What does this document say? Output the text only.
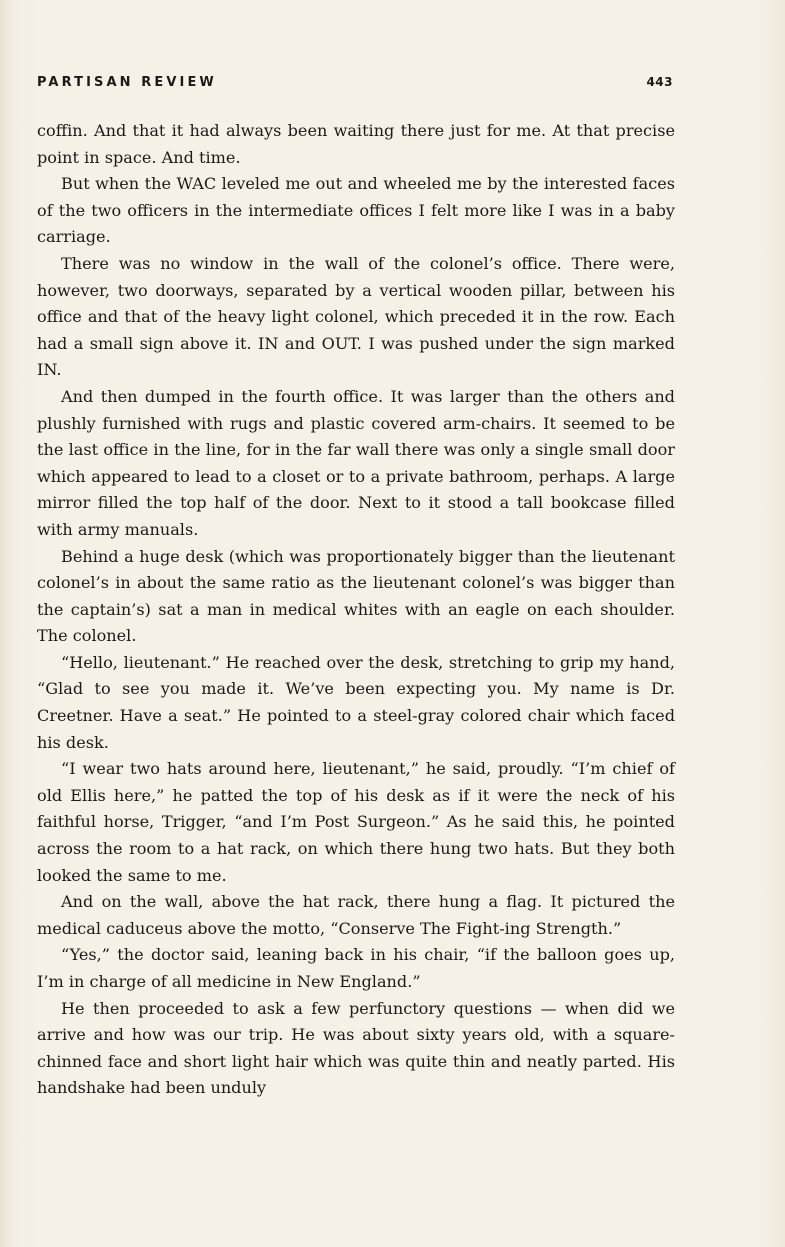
PARTISAN REVIEW	443

coffin. And that it had always been waiting there just for me. At that precise point in space. And time.

But when the WAC leveled me out and wheeled me by the interested faces of the two officers in the intermediate offices I felt more like I was in a baby carriage.

There was no window in the wall of the colonel’s office. There were, however, two doorways, separated by a vertical wooden pillar, between his office and that of the heavy light colonel, which preceded it in the row. Each had a small sign above it. IN and OUT. I was pushed under the sign marked IN.

And then dumped in the fourth office. It was larger than the others and plushly furnished with rugs and plastic covered arm-chairs. It seemed to be the last office in the line, for in the far wall there was only a single small door which appeared to lead to a closet or to a private bathroom, perhaps. A large mirror filled the top half of the door. Next to it stood a tall bookcase filled with army manuals.

Behind a huge desk (which was proportionately bigger than the lieutenant colonel’s in about the same ratio as the lieutenant colonel’s was bigger than the captain’s) sat a man in medical whites with an eagle on each shoulder. The colonel.

“Hello, lieutenant.” He reached over the desk, stretching to grip my hand, “Glad to see you made it. We’ve been expecting you. My name is Dr. Creetner. Have a seat.” He pointed to a steel-gray colored chair which faced his desk.

“I wear two hats around here, lieutenant,” he said, proudly. “I’m chief of old Ellis here,” he patted the top of his desk as if it were the neck of his faithful horse, Trigger, “and I’m Post Surgeon.” As he said this, he pointed across the room to a hat rack, on which there hung two hats. But they both looked the same to me.

And on the wall, above the hat rack, there hung a flag. It pictured the medical caduceus above the motto, “Conserve The Fight-ing Strength.”

“Yes,” the doctor said, leaning back in his chair, “if the balloon goes up, I’m in charge of all medicine in New England.”

He then proceeded to ask a few perfunctory questions — when did we arrive and how was our trip. He was about sixty years old, with a square-chinned face and short light hair which was quite thin and neatly parted. His handshake had been unduly
